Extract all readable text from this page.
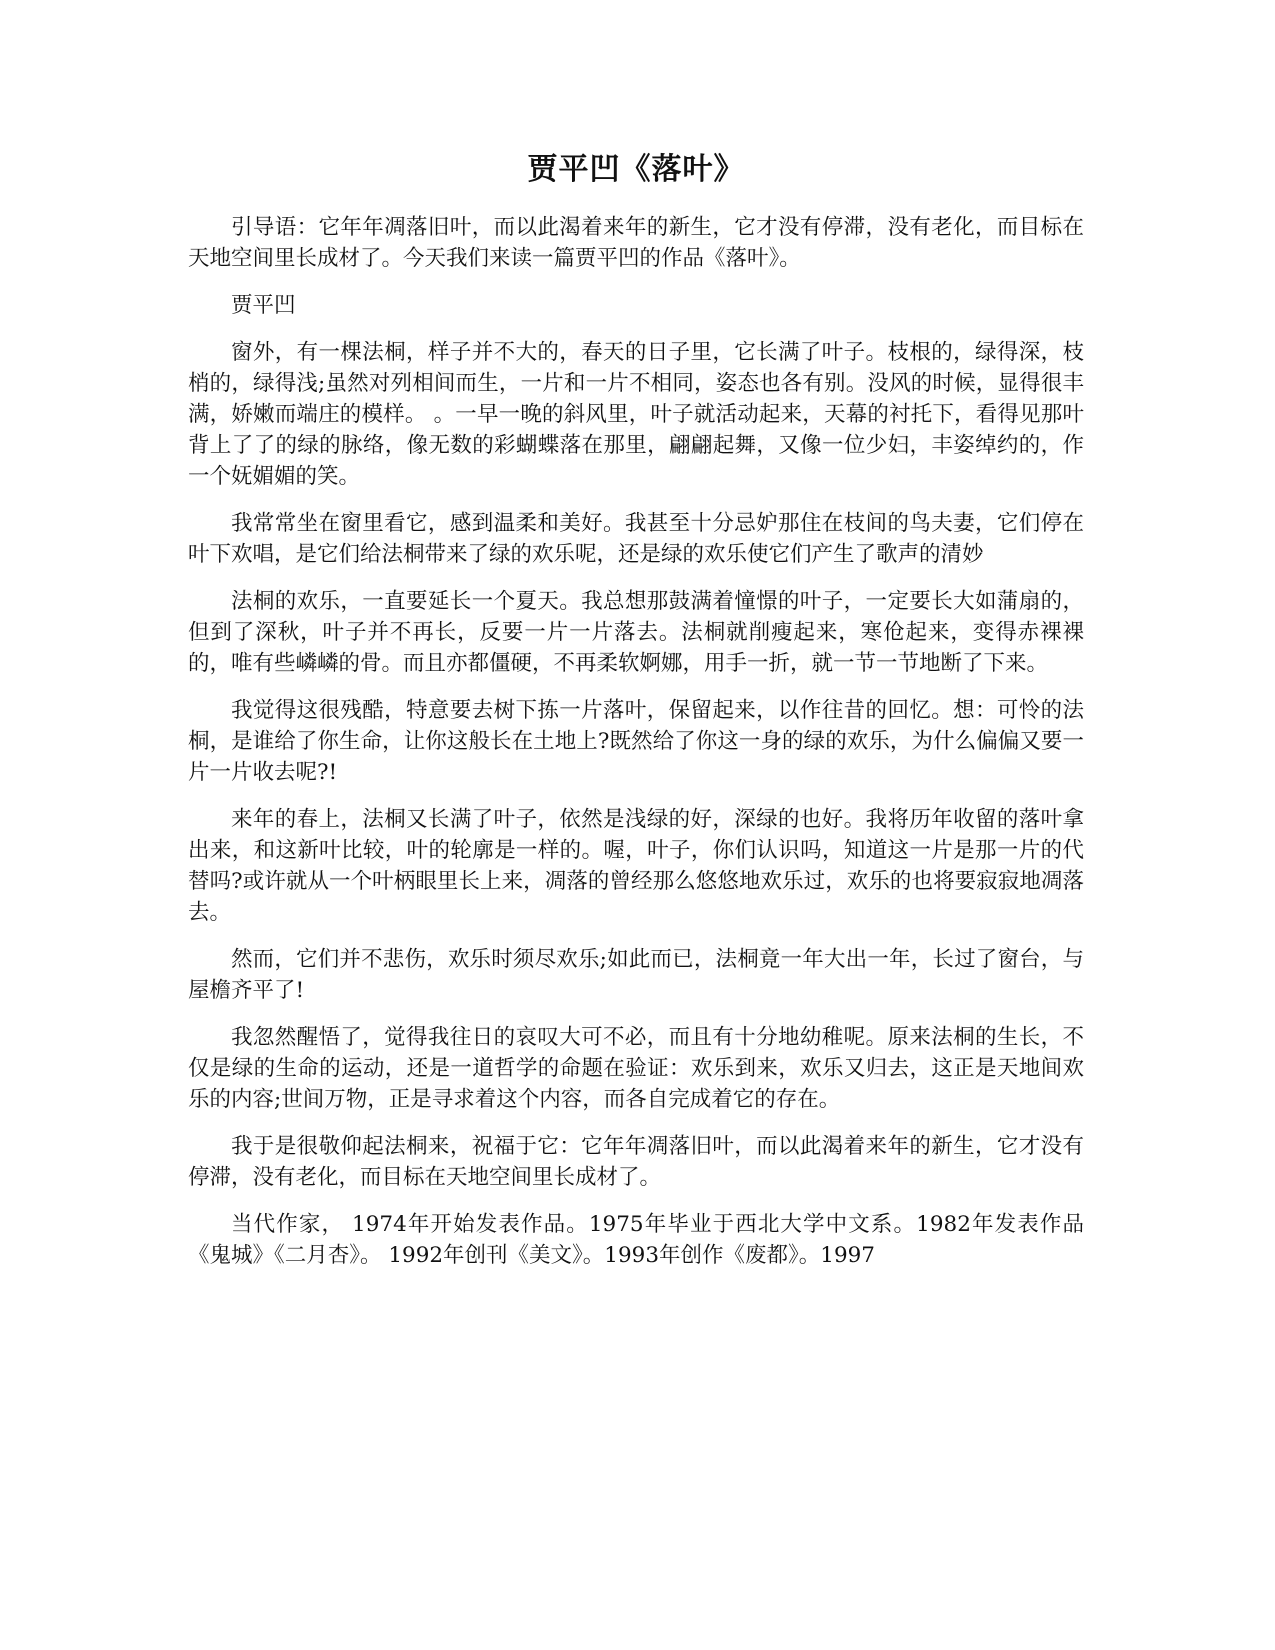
贾平凹《落叶》

引导语：它年年凋落旧叶，而以此渴着来年的新生，它才没有停滞，没有老化，而目标在天地空间里长成材了。今天我们来读一篇贾平凹的作品《落叶》。

贾平凹

窗外，有一棵法桐，样子并不大的，春天的日子里，它长满了叶子。枝根的，绿得深，枝梢的，绿得浅;虽然对列相间而生，一片和一片不相同，姿态也各有别。没风的时候，显得很丰满，娇嫩而端庄的模样。 。一早一晚的斜风里，叶子就活动起来，天幕的衬托下，看得见那叶背上了了的绿的脉络，像无数的彩蝴蝶落在那里，翩翩起舞，又像一位少妇，丰姿绰约的，作一个妩媚媚的笑。

我常常坐在窗里看它，感到温柔和美好。我甚至十分忌妒那住在枝间的鸟夫妻，它们停在叶下欢唱，是它们给法桐带来了绿的欢乐呢，还是绿的欢乐使它们产生了歌声的清妙

法桐的欢乐，一直要延长一个夏天。我总想那鼓满着憧憬的叶子，一定要长大如蒲扇的，但到了深秋，叶子并不再长，反要一片一片落去。法桐就削瘦起来，寒伧起来，变得赤裸裸的，唯有些嶙嶙的骨。而且亦都僵硬，不再柔软婀娜，用手一折，就一节一节地断了下来。

我觉得这很残酷，特意要去树下拣一片落叶，保留起来，以作往昔的回忆。想：可怜的法桐，是谁给了你生命，让你这般长在土地上?既然给了你这一身的绿的欢乐，为什么偏偏又要一片一片收去呢?!

来年的春上，法桐又长满了叶子，依然是浅绿的好，深绿的也好。我将历年收留的落叶拿出来，和这新叶比较，叶的轮廓是一样的。喔，叶子，你们认识吗，知道这一片是那一片的代替吗?或许就从一个叶柄眼里长上来，凋落的曾经那么悠悠地欢乐过，欢乐的也将要寂寂地凋落去。

然而，它们并不悲伤，欢乐时须尽欢乐;如此而已，法桐竟一年大出一年，长过了窗台，与屋檐齐平了!

我忽然醒悟了，觉得我往日的哀叹大可不必，而且有十分地幼稚呢。原来法桐的生长，不仅是绿的生命的运动，还是一道哲学的命题在验证：欢乐到来，欢乐又归去，这正是天地间欢乐的内容;世间万物，正是寻求着这个内容，而各自完成着它的存在。

我于是很敬仰起法桐来，祝福于它：它年年凋落旧叶，而以此渴着来年的新生，它才没有停滞，没有老化，而目标在天地空间里长成材了。

当代作家， 1974年开始发表作品。1975年毕业于西北大学中文系。1982年发表作品《鬼城》《二月杏》。 1992年创刊《美文》。1993年创作《废都》。1997
